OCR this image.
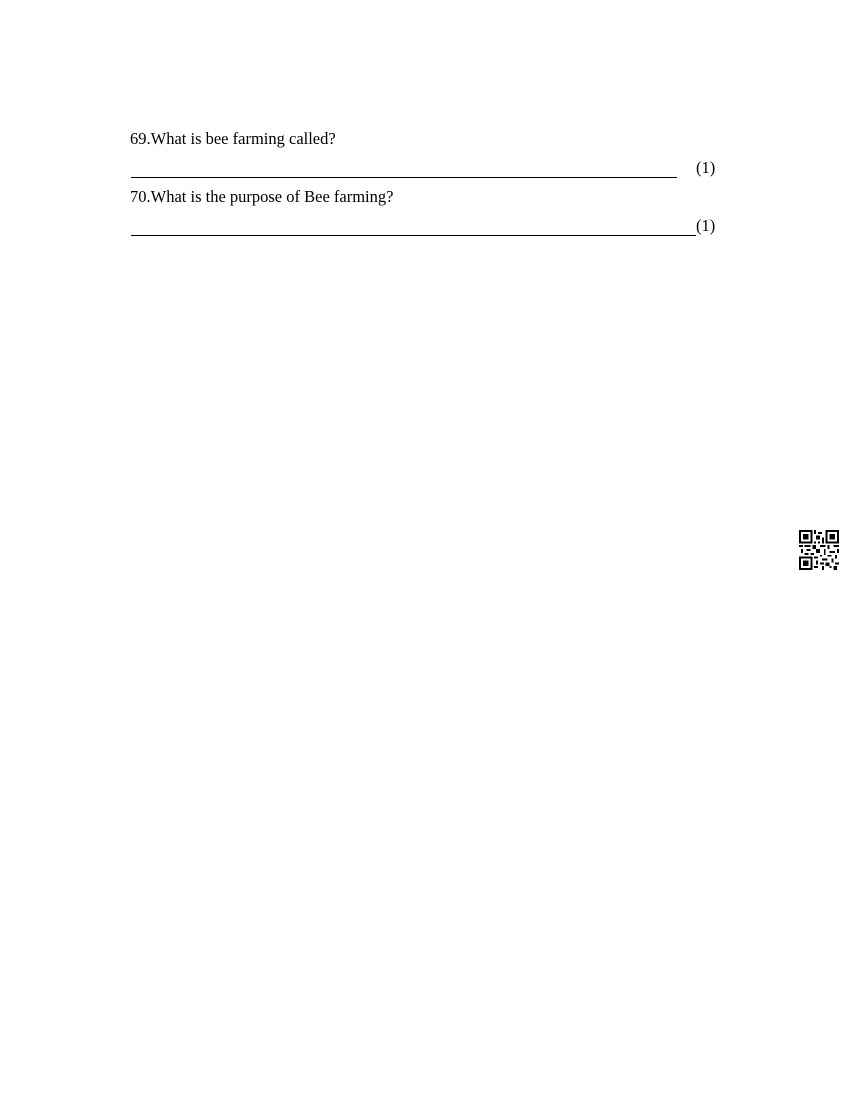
69.What is bee farming called?
(1)
70.What is the purpose of Bee farming?
(1)
